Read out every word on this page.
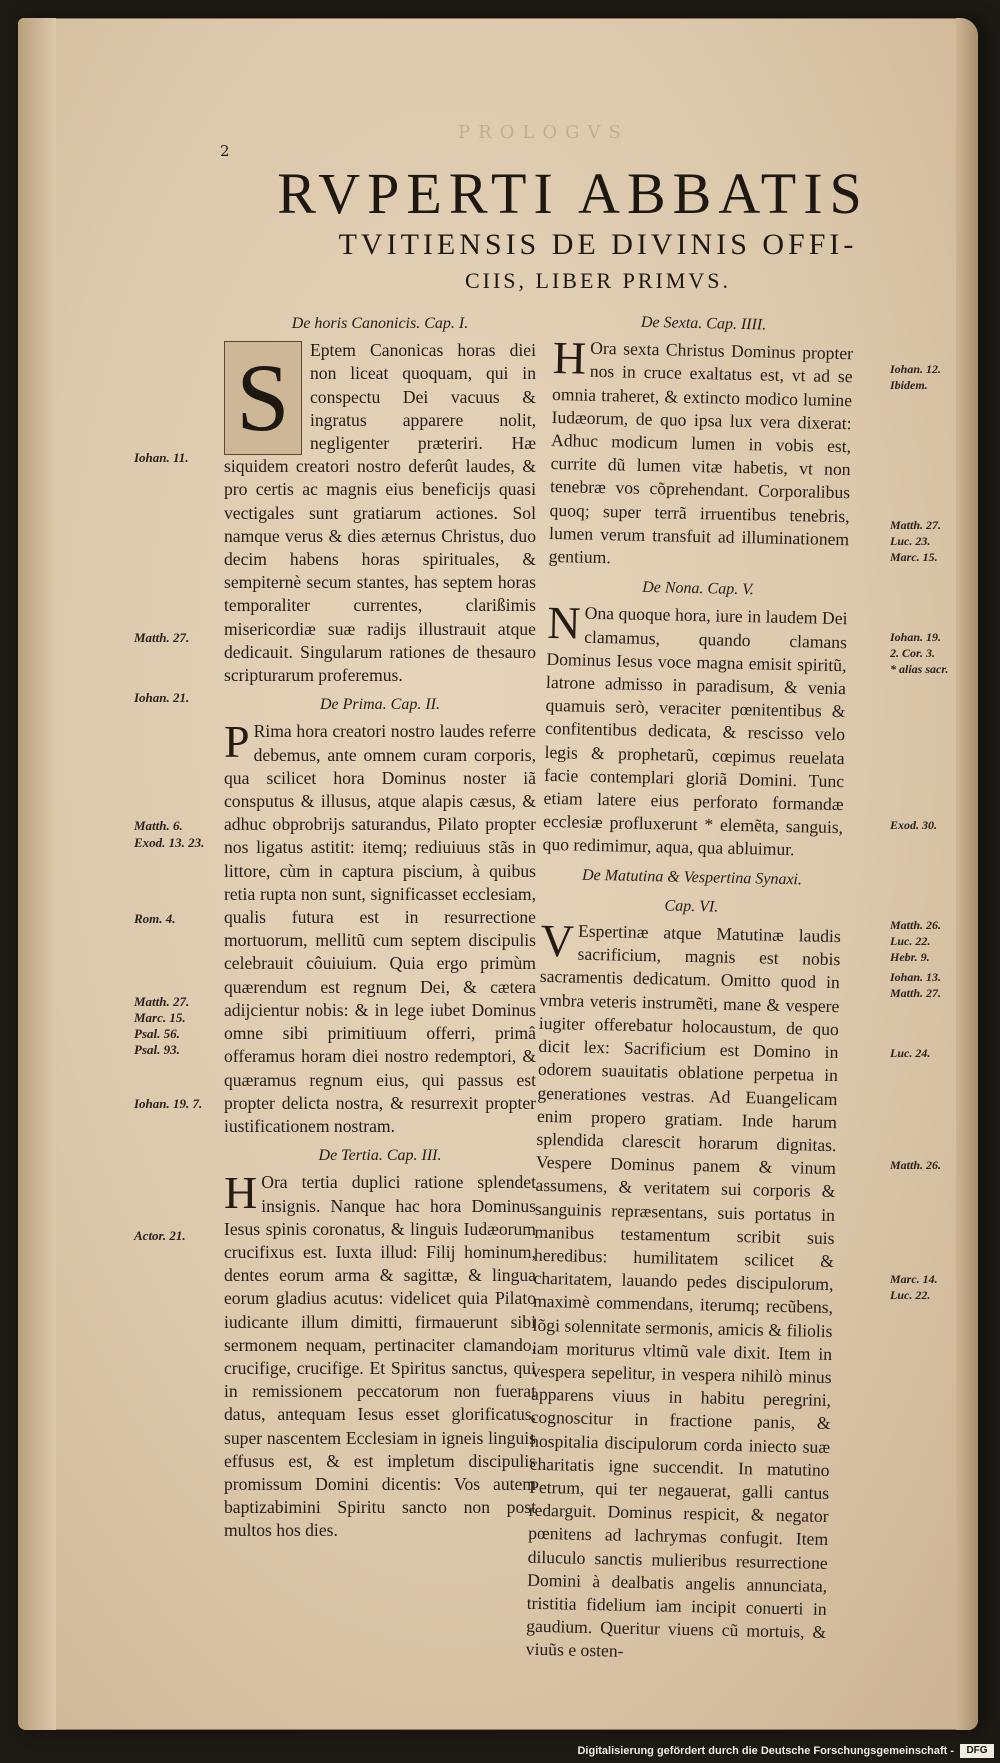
PROLOGVS
2
RVPERTI ABBATIS
TVITIENSIS DE DIVINIS OFFI-
CIIS, LIBER PRIMVS.
De horis Canonicis. Cap. I.

S	Eptem Canonicas horas diei non liceat quoquam, qui in conspectu Dei vacuus & ingratus apparere nolit, negligenter præteriri. Hæ siquidem creatori nostro deferût laudes, & pro certis ac magnis eius beneficijs quasi vectigales sunt gratiarum actiones. Sol namque verus & dies æternus Christus, duo decim habens horas spirituales, & sempiternè secum stantes, has septem horas temporaliter currentes, clarißimis misericordiæ suæ radijs illustrauit atque dedicauit. Singularum rationes de thesauro scripturarum proferemus.

De Prima. Cap. II.

P Rima hora creatori nostro laudes referre debemus, ante omnem curam corporis, qua scilicet hora Dominus noster iã consputus & illusus, atque alapis cæsus, & adhuc obprobrijs saturandus, Pilato propter nos ligatus astitit: itemq; rediuiuus stãs in littore, cùm in captura piscium, à quibus retia rupta non sunt, significasset ecclesiam, qualis futura est in resurrectione mortuorum, mellitũ cum septem discipulis celebrauit côuiuium. Quia ergo primùm quærendum est regnum Dei, & cætera adijcientur nobis: & in lege iubet Dominus omne sibi primitiuum offerri, primâ offeramus horam diei nostro redemptori, & quæramus regnum eius, qui passus est propter delicta nostra, & resurrexit propter iustificationem nostram.

De Tertia. Cap. III.

H Ora tertia duplici ratione splendet insignis. Nanque hac hora Dominus Iesus spinis coronatus, & linguis Iudæorum crucifixus est. Iuxta illud: Filij hominum, dentes eorum arma & sagittæ, & lingua eorum gladius acutus: videlicet quia Pilato iudicante illum dimitti, firmauerunt sibi sermonem nequam, pertinaciter clamando, crucifige, crucifige. Et Spiritus sanctus, qui in remissionem peccatorum non fuerat datus, antequam Iesus esset glorificatus, super nascentem Ecclesiam in igneis linguis effusus est, & est impletum discipulis promissum Domini dicentis: Vos autem baptizabimini Spiritu sancto non post multos hos dies.

De Sexta. Cap. IIII.

H Ora sexta Christus Dominus propter nos in cruce exaltatus est, vt ad se omnia traheret, & extincto modico lumine Iudæorum, de quo ipsa lux vera dixerat: Adhuc modicum lumen in vobis est, currite dũ lumen vitæ habetis, vt non tenebræ vos cõprehendant. Corporalibus quoq; super terrã irruentibus tenebris, lumen verum transfuit ad illuminationem gentium.

De Nona. Cap. V.

N Ona quoque hora, iure in laudem Dei clamamus, quando clamans Dominus Iesus voce magna emisit spiritũ, latrone admisso in paradisum, & venia quamuis serò, veraciter pœnitentibus & confitentibus dedicata, & rescisso velo legis & prophetarũ, cœpimus reuelata facie contemplari gloriã Domini. Tunc etiam latere eius perforato formandæ ecclesiæ profluxerunt * elemẽta, sanguis, quo redimimur, aqua, qua abluimur.

De Matutina & Vespertina Synaxi.
Cap. VI.

V Espertinæ atque Matutinæ laudis sacrificium, magnis est nobis sacramentis dedicatum. Omitto quod in vmbra veteris instrumẽti, mane & vespere iugiter offerebatur holocaustum, de quo dicit lex: Sacrificium est Domino in odorem suauitatis oblatione perpetua in generationes vestras. Ad Euangelicam enim propero gratiam. Inde harum splendida clarescit horarum dignitas. Vespere Dominus panem & vinum assumens, & veritatem sui corporis & sanguinis repræsentans, suis portatus in manibus testamentum scribit suis heredibus: humilitatem scilicet & charitatem, lauando pedes discipulorum, maximè commendans, iterumq; recũbens, lõgi solennitate sermonis, amicis & filiolis iam moriturus vltimũ vale dixit. Item in vespera sepelitur, in vespera nihilò minus apparens viuus in habitu peregrini, cognoscitur in fractione panis, & hospitalia discipulorum corda iniecto suæ charitatis igne succendit. In matutino Petrum, qui ter negauerat, galli cantus redarguit. Dominus respicit, & negator pœnitens ad lachrymas confugit. Item diluculo sanctis mulieribus resurrectione Domini à dealbatis angelis annunciata, tristitia fidelium iam incipit conuerti in gaudium. Queritur viuens cũ mortuis, & viuũs e osten-

Iohan. 11.
Matth. 27.
Iohan. 21.
Matth. 6.
Exod. 13. 23.
Rom. 4.
Matth. 27.
Marc. 15.
Psal. 56.
Psal. 93.
Iohan. 19. 7.
Actor. 21.
Iohan. 12.
Ibidem.
Matth. 27.
Luc. 23.
Marc. 15.
Iohan. 19.
2. Cor. 3.
* alias sacr.
Exod. 30.
Matth. 26.
Luc. 22.
Hebr. 9.
Iohan. 13.
Matth. 27.
Luc. 24.
Matth. 26.
Marc. 14.
Luc. 22.
Digitalisierung gefördert durch die Deutsche Forschungsgemeinschaft -	DFG
